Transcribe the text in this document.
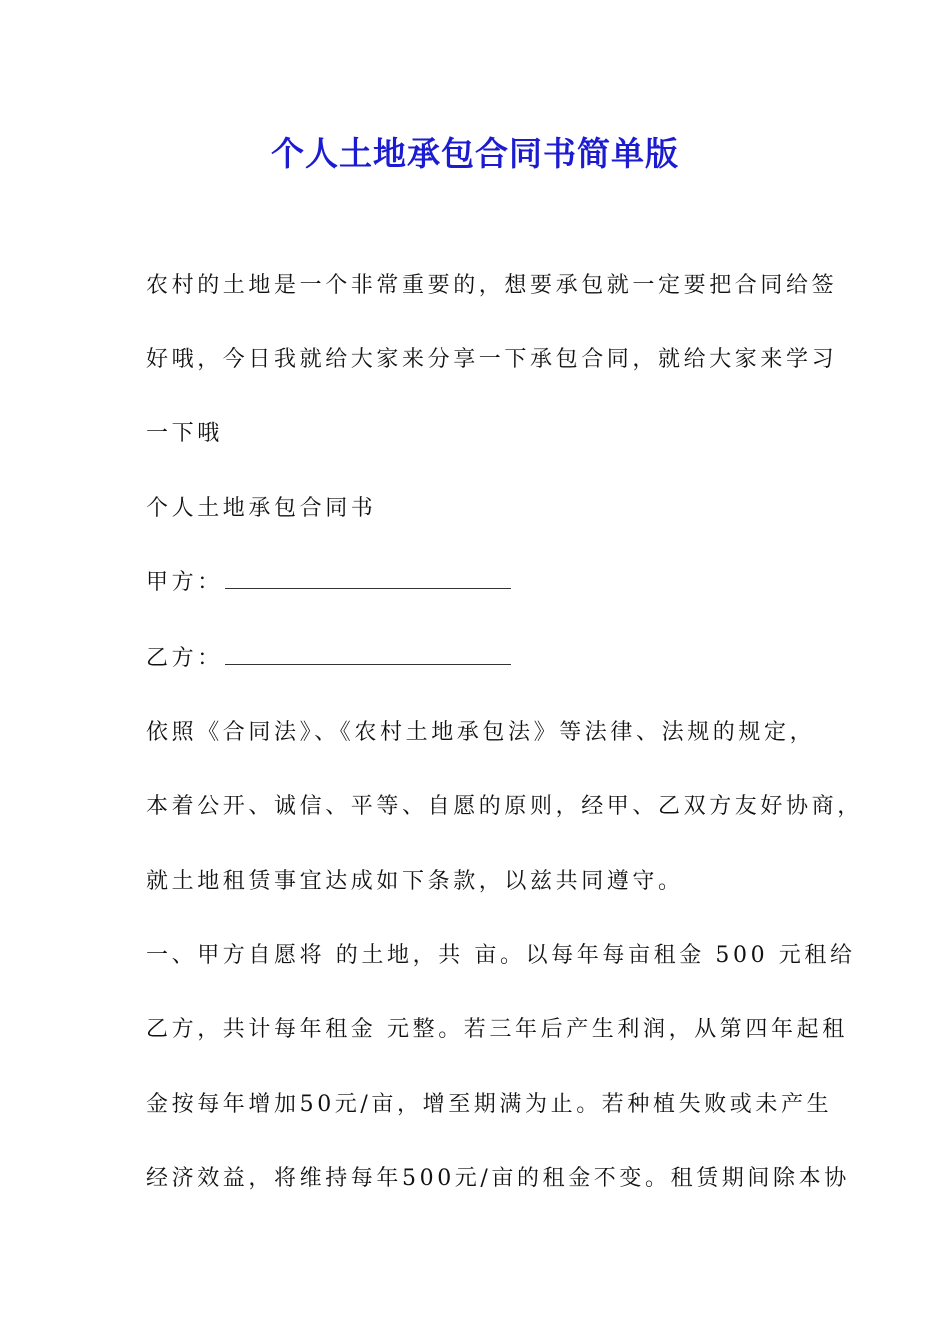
个人土地承包合同书简单版
农村的土地是一个非常重要的，想要承包就一定要把合同给签
好哦，今日我就给大家来分享一下承包合同，就给大家来学习
一下哦
个人土地承包合同书
甲方：
乙方：
依照《合同法》、《农村土地承包法》等法律、法规的规定，
本着公开、诚信、平等、自愿的原则，经甲、乙双方友好协商，
就土地租赁事宜达成如下条款，以兹共同遵守。
一、甲方自愿将 的土地，共 亩。以每年每亩租金 500 元租给
乙方，共计每年租金 元整。若三年后产生利润，从第四年起租
金按每年增加50元/亩，增至期满为止。若种植失败或未产生
经济效益，将维持每年500元/亩的租金不变。租赁期间除本协
